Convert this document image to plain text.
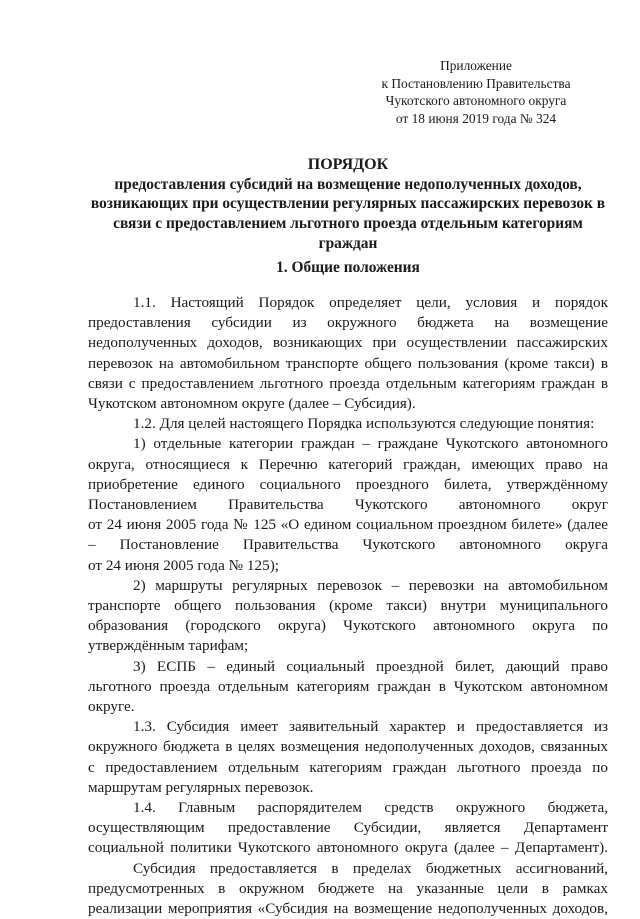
Приложение
к Постановлению Правительства
Чукотского автономного округа
от 18 июня 2019 года № 324
ПОРЯДОК
предоставления субсидий на возмещение недополученных доходов,
возникающих при осуществлении регулярных пассажирских перевозок в
связи с предоставлением льготного проезда отдельным категориям
граждан
1. Общие положения
1.1. Настоящий Порядок определяет цели, условия и порядок
предоставления субсидии из окружного бюджета на возмещение
недополученных доходов, возникающих при осуществлении пассажирских
перевозок на автомобильном транспорте общего пользования (кроме такси) в
связи с предоставлением льготного проезда отдельным категориям граждан в
Чукотском автономном округе (далее – Субсидия).
1.2. Для целей настоящего Порядка используются следующие понятия:
1) отдельные категории граждан – граждане Чукотского автономного
округа, относящиеся к Перечню категорий граждан, имеющих право на
приобретение единого социального проездного билета, утверждённому
Постановлением Правительства Чукотского автономного округ
от 24 июня 2005 года № 125 «О едином социальном проездном билете» (далее
– Постановление Правительства Чукотского автономного округа
от 24 июня 2005 года № 125);
2) маршруты регулярных перевозок – перевозки на автомобильном
транспорте общего пользования (кроме такси) внутри муниципального
образования (городского округа) Чукотского автономного округа по
утверждённым тарифам;
3) ЕСПБ – единый социальный проездной билет, дающий право
льготного проезда отдельным категориям граждан в Чукотском автономном
округе.
1.3. Субсидия имеет заявительный характер и предоставляется из
окружного бюджета в целях возмещения недополученных доходов, связанных
с предоставлением отдельным категориям граждан льготного проезда по
маршрутам регулярных перевозок.
1.4. Главным распорядителем средств окружного бюджета,
осуществляющим предоставление Субсидии, является Департамент
социальной политики Чукотского автономного округа (далее – Департамент).
Субсидия предоставляется в пределах бюджетных ассигнований,
предусмотренных в окружном бюджете на указанные цели в рамках
реализации мероприятия «Субсидия на возмещение недополученных доходов,
